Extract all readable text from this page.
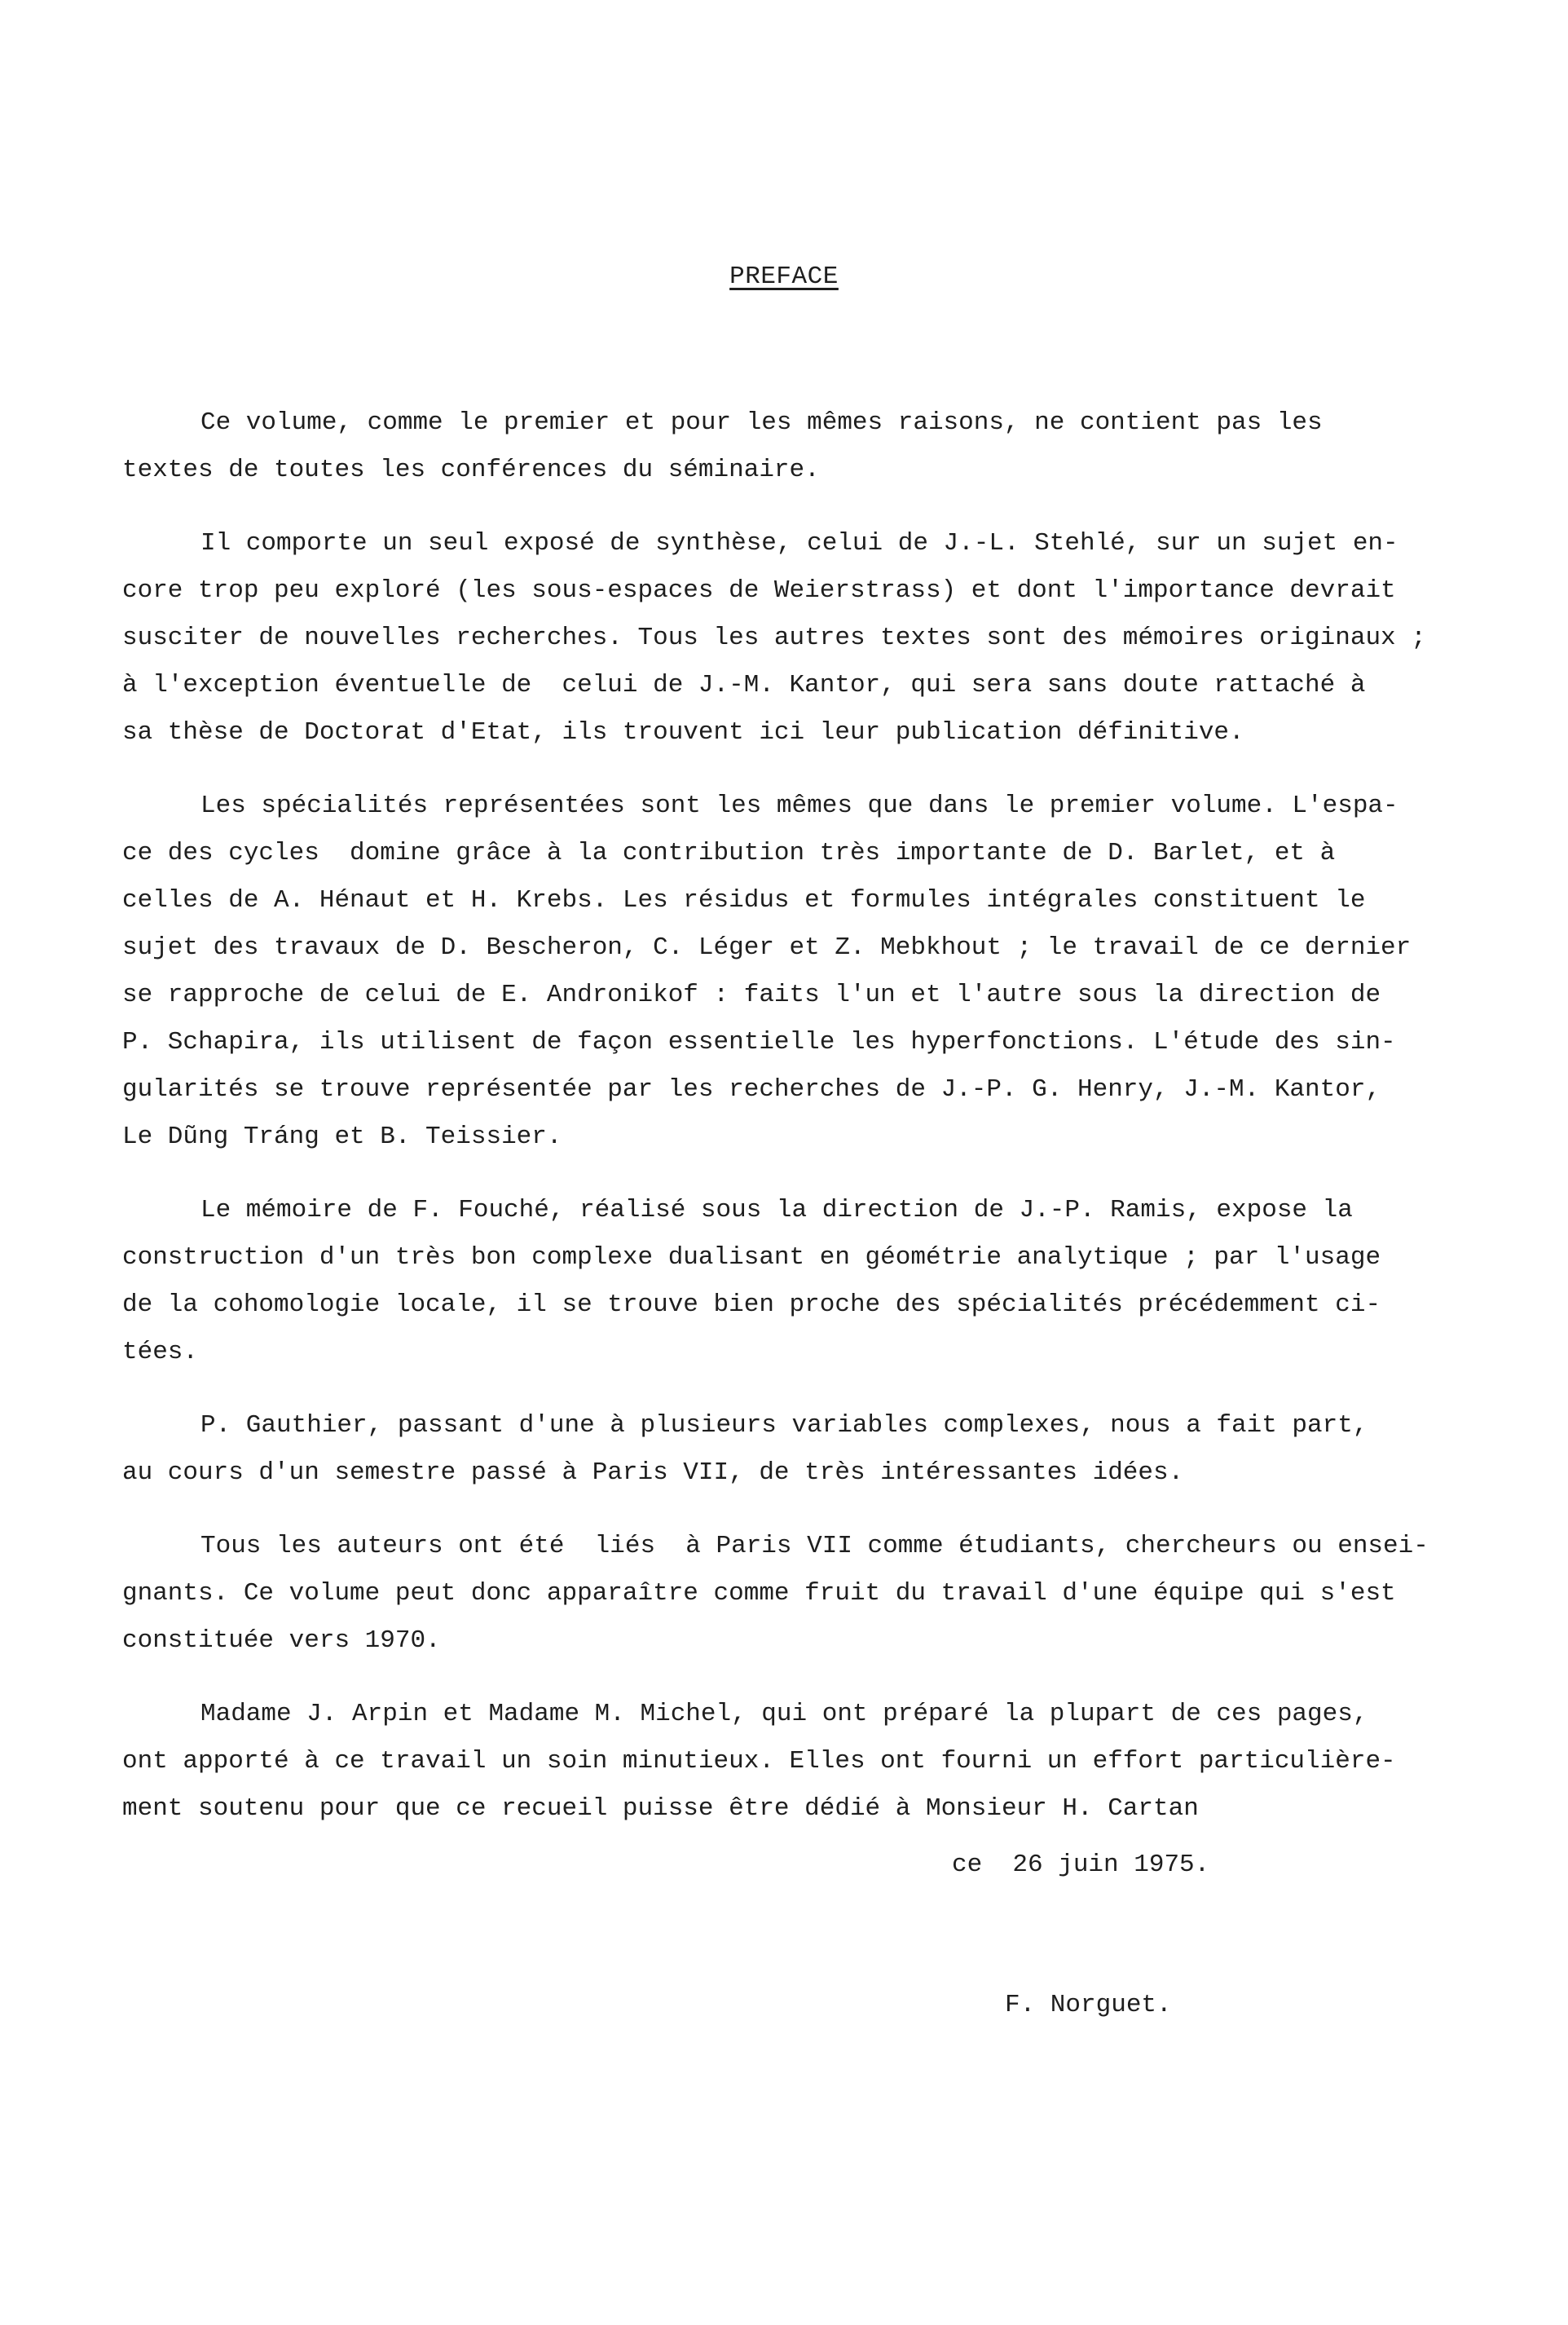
PREFACE
Ce volume, comme le premier et pour les mêmes raisons, ne contient pas les
textes de toutes les conférences du séminaire.
Il comporte un seul exposé de synthèse, celui de J.-L. Stehlé, sur un sujet en-
core trop peu exploré (les sous-espaces de Weierstrass) et dont l'importance devrait
susciter de nouvelles recherches. Tous les autres textes sont des mémoires originaux ;
à l'exception éventuelle de  celui de J.-M. Kantor, qui sera sans doute rattaché à
sa thèse de Doctorat d'Etat, ils trouvent ici leur publication définitive.
Les spécialités représentées sont les mêmes que dans le premier volume. L'espa-
ce des cycles  domine grâce à la contribution très importante de D. Barlet, et à
celles de A. Hénaut et H. Krebs. Les résidus et formules intégrales constituent le
sujet des travaux de D. Bescheron, C. Léger et Z. Mebkhout ; le travail de ce dernier
se rapproche de celui de E. Andronikof : faits l'un et l'autre sous la direction de
P. Schapira, ils utilisent de façon essentielle les hyperfonctions. L'étude des sin-
gularités se trouve représentée par les recherches de J.-P. G. Henry, J.-M. Kantor,
Le Dũng Tráng et B. Teissier.
Le mémoire de F. Fouché, réalisé sous la direction de J.-P. Ramis, expose la
construction d'un très bon complexe dualisant en géométrie analytique ; par l'usage
de la cohomologie locale, il se trouve bien proche des spécialités précédemment ci-
tées.
P. Gauthier, passant d'une à plusieurs variables complexes, nous a fait part,
au cours d'un semestre passé à Paris VII, de très intéressantes idées.
Tous les auteurs ont été  liés  à Paris VII comme étudiants, chercheurs ou ensei-
gnants. Ce volume peut donc apparaître comme fruit du travail d'une équipe qui s'est
constituée vers 1970.
Madame J. Arpin et Madame M. Michel, qui ont préparé la plupart de ces pages,
ont apporté à ce travail un soin minutieux. Elles ont fourni un effort particulière-
ment soutenu pour que ce recueil puisse être dédié à Monsieur H. Cartan
ce  26 juin 1975.
F. Norguet.
